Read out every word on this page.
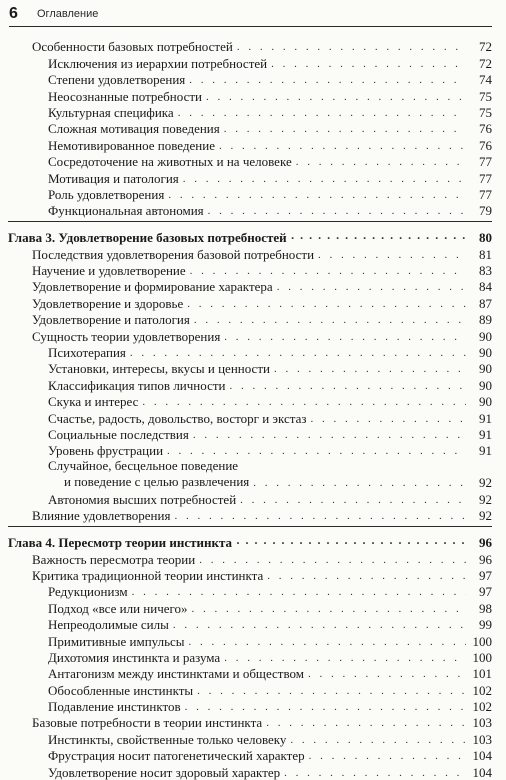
6 Оглавление
Особенности базовых потребностей . . .	72
Исключения из иерархии потребностей . . .	72
Степени удовлетворения . . .	74
Неосознанные потребности . . .	75
Культурная специфика . . .	75
Сложная мотивация поведения . . .	76
Немотивированное поведение . . .	76
Сосредоточение на животных и на человеке . . .	77
Мотивация и патология . . .	77
Роль удовлетворения . . .	77
Функциональная автономия . . .	79
Глава 3. Удовлетворение базовых потребностей · · ·	80
Последствия удовлетворения базовой потребности . . .	81
Научение и удовлетворение . . .	83
Удовлетворение и формирование характера . . .	84
Удовлетворение и здоровье . . .	87
Удовлетворение и патология . . .	89
Сущность теории удовлетворения . . .	90
Психотерапия . . .	90
Установки, интересы, вкусы и ценности . . .	90
Классификация типов личности . . .	90
Скука и интерес . . .	90
Счастье, радость, довольство, восторг и экстаз . . .	91
Социальные последствия . . .	91
Уровень фрустрации . . .	91
Случайное, бесцельное поведение
и поведение с целью развлечения . . .	92
Автономия высших потребностей . . .	92
Влияние удовлетворения . . .	92
Глава 4. Пересмотр теории инстинкта · · ·	96
Важность пересмотра теории . . .	96
Критика традиционной теории инстинкта . . .	97
Редукционизм . . .	97
Подход «все или ничего» . . .	98
Непреодолимые силы . . .	99
Примитивные импульсы . . .	100
Дихотомия инстинкта и разума . . .	100
Антагонизм между инстинктами и обществом . . .	101
Обособленные инстинкты . . .	102
Подавление инстинктов . . .	102
Базовые потребности в теории инстинкта . . .	103
Инстинкты, свойственные только человеку . . .	103
Фрустрация носит патогенетический характер . . .	104
Удовлетворение носит здоровый характер . . .	104
